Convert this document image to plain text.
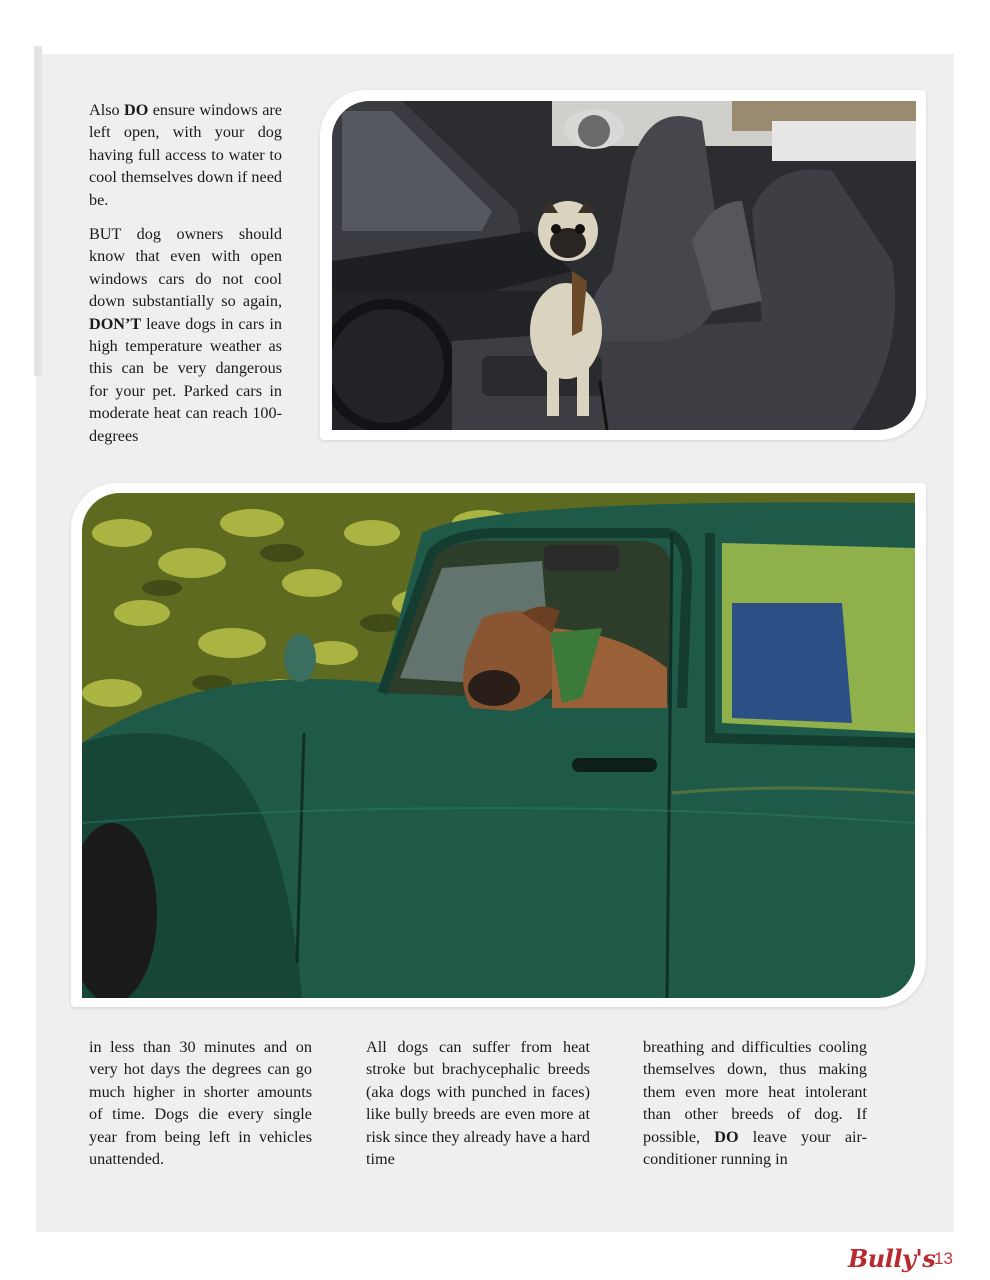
Also DO ensure windows are left open, with your dog having full access to water to cool themselves down if need be.

BUT dog owners should know that even with open windows cars do not cool down substantially so again, DON’T leave dogs in cars in high temperature weather as this can be very dangerous for your pet. Parked cars in moderate heat can reach 100-degrees

in less than 30 minutes and on very hot days the degrees can go much higher in shorter amounts of time. Dogs die every single year from being left in vehicles unattended.

All dogs can suffer from heat stroke but brachycephalic breeds (aka dogs with punched in faces) like bully breeds are even more at risk since they already have a hard time

breathing and difficulties cooling themselves down, thus making them even more heat intolerant than other breeds of dog. If possible, DO leave your air-conditioner running in

Bully's
13
